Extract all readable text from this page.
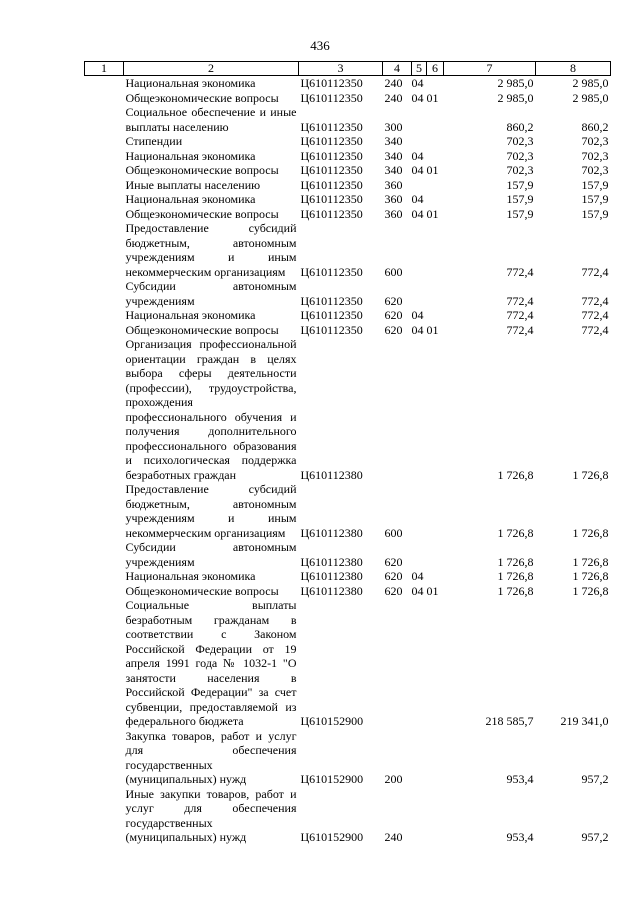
436
1	2	3	4	5	6	7	8
	Национальная экономика	Ц610112350	240	04		2 985,0	2 985,0
	Общеэкономические вопросы	Ц610112350	240	04	01	2 985,0	2 985,0
	Социальное обеспечение и иные выплаты населению	Ц610112350	300			860,2	860,2
	Стипендии	Ц610112350	340			702,3	702,3
	Национальная экономика	Ц610112350	340	04		702,3	702,3
	Общеэкономические вопросы	Ц610112350	340	04	01	702,3	702,3
	Иные выплаты населению	Ц610112350	360			157,9	157,9
	Национальная экономика	Ц610112350	360	04		157,9	157,9
	Общеэкономические вопросы	Ц610112350	360	04	01	157,9	157,9
	Предоставление субсидий бюджетным, автономным учреждениям и иным некоммерческим организациям	Ц610112350	600			772,4	772,4
	Субсидии автономным учреждениям	Ц610112350	620			772,4	772,4
	Национальная экономика	Ц610112350	620	04		772,4	772,4
	Общеэкономические вопросы	Ц610112350	620	04	01	772,4	772,4
	Организация профессиональной ориентации граждан в целях выбора сферы деятельности (профессии), трудоустройства, прохождения профессионального обучения и получения дополнительного профессионального образования и психологическая поддержка безработных граждан	Ц610112380				1 726,8	1 726,8
	Предоставление субсидий бюджетным, автономным учреждениям и иным некоммерческим организациям	Ц610112380	600			1 726,8	1 726,8
	Субсидии автономным учреждениям	Ц610112380	620			1 726,8	1 726,8
	Национальная экономика	Ц610112380	620	04		1 726,8	1 726,8
	Общеэкономические вопросы	Ц610112380	620	04	01	1 726,8	1 726,8
	Социальные выплаты безработным гражданам в соответствии с Законом Российской Федерации от 19 апреля 1991 года № 1032-1 "О занятости населения в Российской Федерации" за счет субвенции, предоставляемой из федерального бюджета	Ц610152900				218 585,7	219 341,0
	Закупка товаров, работ и услуг для обеспечения государственных (муниципальных) нужд	Ц610152900	200			953,4	957,2
	Иные закупки товаров, работ и услуг для обеспечения государственных (муниципальных) нужд	Ц610152900	240			953,4	957,2
